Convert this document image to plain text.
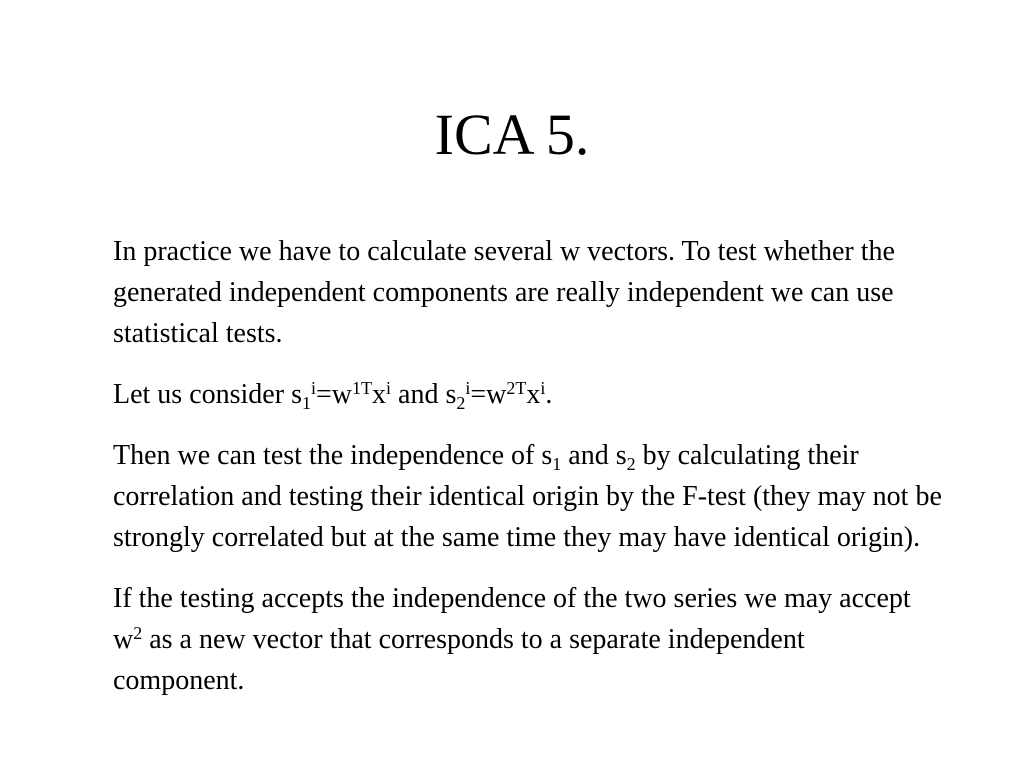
ICA 5.

In practice we have to calculate several w vectors. To test whether the generated independent components are really independent we can use statistical tests.

Let us consider $s_1^i=w^{1T}x^i$ and $s_2^i=w^{2T}x^i$.

Then we can test the independence of $s_1$ and $s_2$ by calculating their correlation and testing their identical origin by the F-test (they may not be strongly correlated but at the same time they may have identical origin).

If the testing accepts the independence of the two series we may accept $w^2$ as a new vector that corresponds to a separate independent component.
